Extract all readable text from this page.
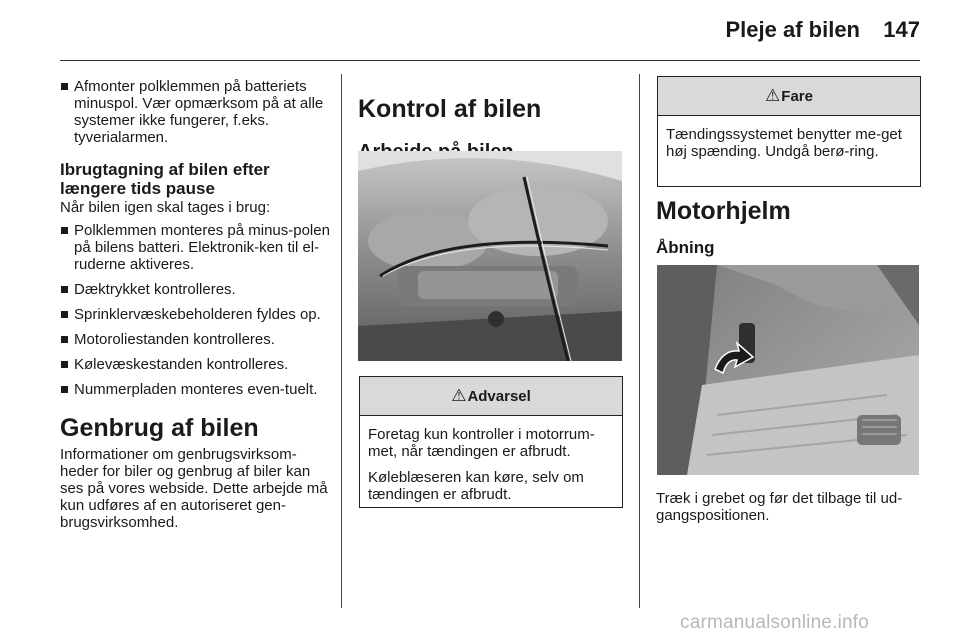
Pleje af bilen	147
Afmonter polklemmen på batteriets minuspol. Vær opmærksom på at alle systemer ikke fungerer, f.eks. tyverialarmen.
Ibrugtagning af bilen efter længere tids pause

Når bilen igen skal tages i brug:

Polklemmen monteres på minus-polen på bilens batteri. Elektronik-ken til el-ruderne aktiveres.
Dæktrykket kontrolleres.
Sprinklervæskebeholderen fyldes op.
Motoroliestanden kontrolleres.
Kølevæskestanden kontrolleres.
Nummerpladen monteres even-tuelt.
Genbrug af bilen

Informationer om genbrugsvirksom-heder for biler og genbrug af biler kan ses på vores webside. Dette arbejde må kun udføres af en autoriseret gen-brugsvirksomhed.

Kontrol af bilen
⚠ Advarsel

Foretag kun kontroller i motorrum-met, når tændingen er afbrudt.

Køleblæseren kan køre, selv om tændingen er afbrudt.

⚠ Fare

Tændingssystemet benytter me-get høj spænding. Undgå berø-ring.

Motorhjelm
Åbning

Træk i grebet og før det tilbage til ud-gangspositionen.

carmanualsonline.info
